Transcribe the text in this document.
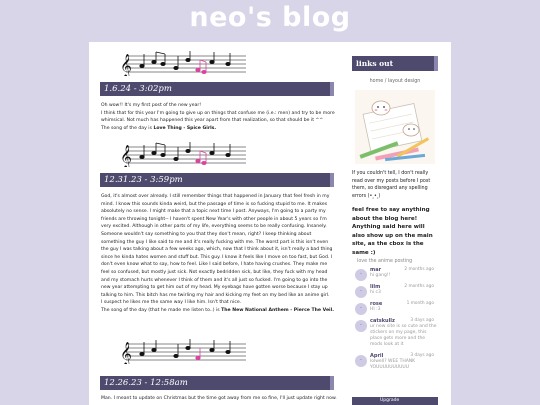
neo's blog
𝄞
1.6.24 - 3:02pm
Oh wow!! It's my first post of the new year!
I think that for this year I'm going to give up on things that confuse me (i.e.: men) and try to be more whimsical. Not much has happened this year apart from that realization, so that should be it ^^
The song of the day is Love Thing - Spice Girls.
𝄞
12.31.23 - 3:59pm
God, it's almost over already. I still remember things that happened in January that feel fresh in my mind. I know this sounds kinda weird, but the passage of time is so fucking stupid to me. It makes absolutely no sense. I might make that a topic next time I post. Anyways, I'm going to a party my friends are throwing tonight-- I haven't spent New Year's with other people in about 5 years so I'm very excited. Although in other parts of my life, everything seems to be really confusing. Insanely. Someone wouldn't say something to you that they don't mean, right? I keep thinking about something the guy I like said to me and it's really fucking with me. The worst part is this isn't even the guy I was talking about a few weeks ago, which, now that I think about it, isn't really a bad thing since he kinda hates women and stuff but. This guy. I know it feels like I move on too fast, but God. I don't even know what to say, how to feel. Like I said before, I hate having crushes. They make me feel so confused, but mostly just sick. Not exactly bedridden sick, but like, they fuck with my head and my stomach hurts whenever I think of them and it's all just so fucked. I'm going to go into the new year attempting to get him out of my head. My eyebags have gotten worse because I stay up talking to him. This bitch has me twirling my hair and kicking my feet on my bed like an anime girl.
I suspect he likes me the same way I like him. Isn't that nice.
The song of the day (that he made me listen to..) is The New National Anthem - Pierce The Veil.
𝄞
12.26.23 - 12:58am
Man. I meant to update on Christmas but the time got away from me so fine, I'll just update right now.
links out
home / layout design
If you couldn't tell, I don't really read over my posts before I post them, so disregard any spelling errors (•‸•‸)
feel free to say anything about the blog here! Anything said here will also show up on the main site, as the cbox is the same :)
love the anime posting
·
mar	2 months ago
hi gang!!
·
lilm	2 months ago
hi c3
·
rose	1 month ago
HI :3
·
catskullz	3 days ago
ur new site is so cute and the stickers on my page, this place gets more and the mods look at it
·
April	3 days ago
lolwell? WEE THANK YOUUUUUUUUUU
Upgrade
